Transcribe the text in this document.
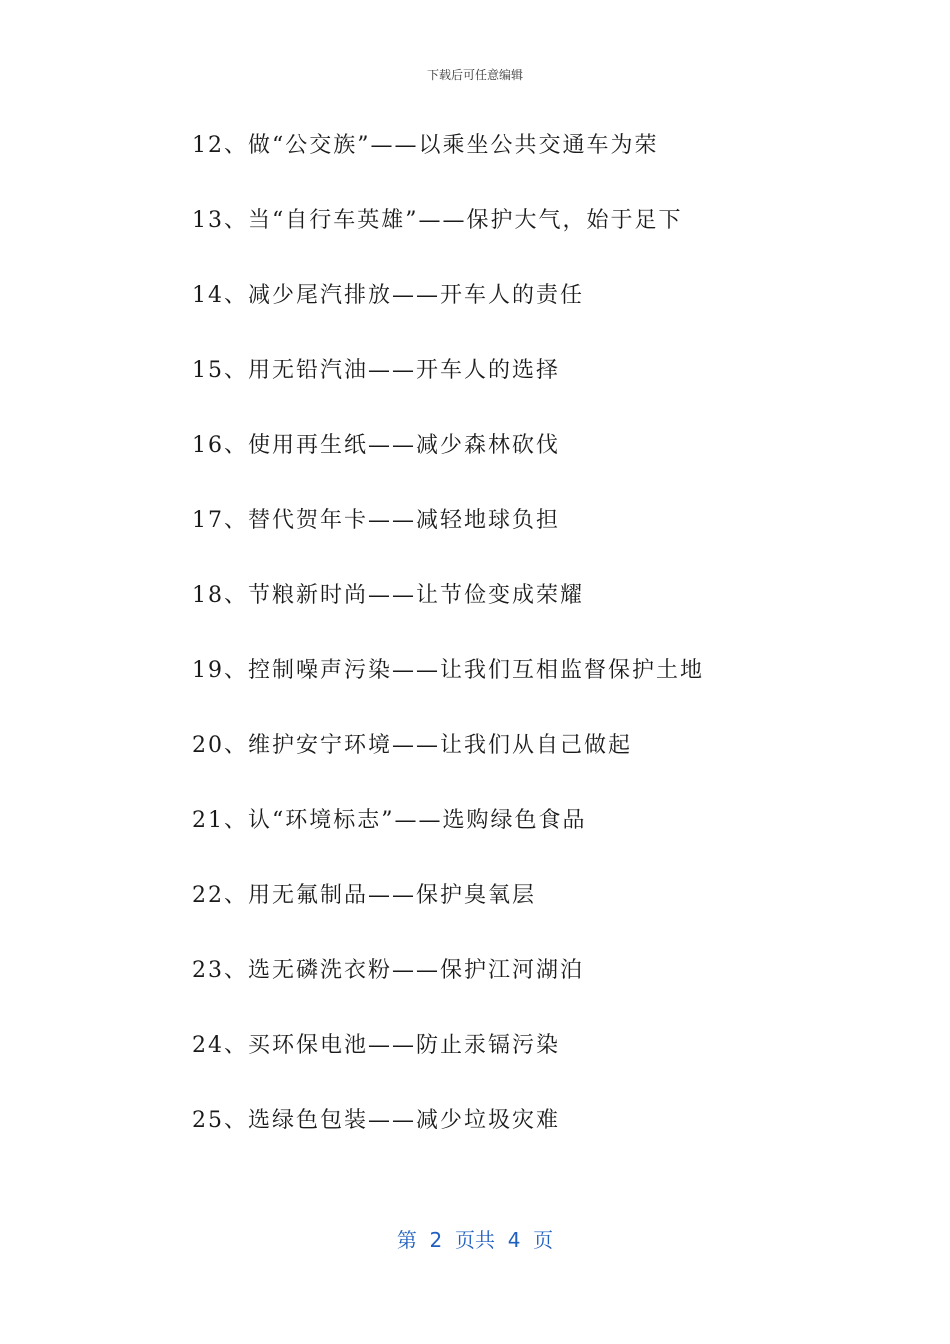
下载后可任意编辑
12、做“公交族”——以乘坐公共交通车为荣
13、当“自行车英雄”——保护大气，始于足下
14、减少尾汽排放——开车人的责任
15、用无铅汽油——开车人的选择
16、使用再生纸——减少森林砍伐
17、替代贺年卡——减轻地球负担
18、节粮新时尚——让节俭变成荣耀
19、控制噪声污染——让我们互相监督保护土地
20、维护安宁环境——让我们从自己做起
21、认“环境标志”——选购绿色食品
22、用无氟制品——保护臭氧层
23、选无磷洗衣粉——保护江河湖泊
24、买环保电池——防止汞镉污染
25、选绿色包装——减少垃圾灾难
第  2  页共  4  页
